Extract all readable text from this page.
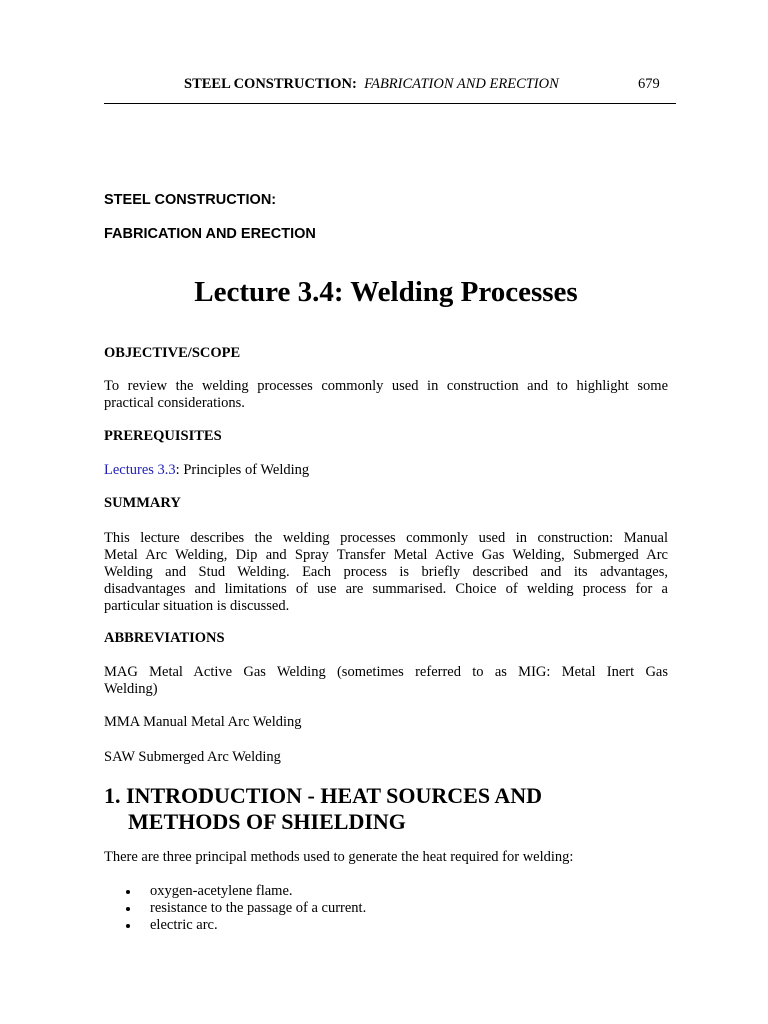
STEEL CONSTRUCTION: FABRICATION AND ERECTION	679
STEEL CONSTRUCTION:
FABRICATION AND ERECTION
Lecture 3.4: Welding Processes
OBJECTIVE/SCOPE
To review the welding processes commonly used in construction and to highlight some
practical considerations.
PREREQUISITES
Lectures 3.3: Principles of Welding
SUMMARY
This lecture describes the welding processes commonly used in construction: Manual
Metal Arc Welding, Dip and Spray Transfer Metal Active Gas Welding, Submerged Arc
Welding and Stud Welding. Each process is briefly described and its advantages,
disadvantages and limitations of use are summarised. Choice of welding process for a
particular situation is discussed.
ABBREVIATIONS
MAG Metal Active Gas Welding (sometimes referred to as MIG: Metal Inert Gas
Welding)
MMA Manual Metal Arc Welding
SAW Submerged Arc Welding
1. INTRODUCTION - HEAT SOURCES AND
METHODS OF SHIELDING
There are three principal methods used to generate the heat required for welding:
oxygen-acetylene flame.
resistance to the passage of a current.
electric arc.
